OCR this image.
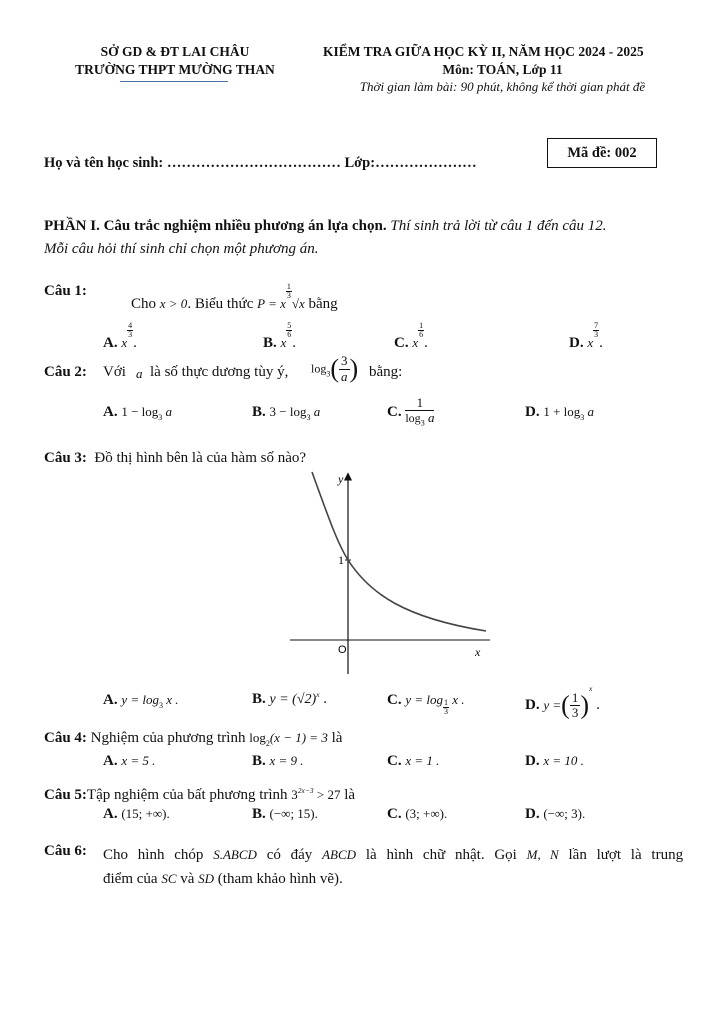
SỞ GD & ĐT LAI CHÂU
TRƯỜNG THPT MƯỜNG THAN
KIỂM TRA GIỮA HỌC KỲ II, NĂM HỌC 2024 - 2025
Môn: TOÁN, Lớp 11
Thời gian làm bài: 90 phút, không kể thời gian phát đề
Mã đề: 002
Họ và tên học sinh: ……………………………… Lớp:…………………
PHẦN I. Câu trắc nghiệm nhiều phương án lựa chọn. Thí sinh trả lời từ câu 1 đến câu 12.
Mỗi câu hỏi thí sinh chỉ chọn một phương án.
Câu 1:
Cho x > 0. Biểu thức P = x
$\frac{1}{3}$
√x bằng
A. x
$\frac{4}{3}$
.	B. x
$\frac{5}{6}$
.	C. x
$\frac{1}{6}$
.	D. x
$\frac{7}{3}$
.
Câu 2: Với a là số thực dương tùy ý, $\log_3( \frac{3}{a}$ ) bằng:
A. $1 - \log_3 a$	B. $3 - \log_3 a$	C. $\frac{1}{\log_3 a}$	D. $1 + \log_3 a$
Câu 3: Đồ thị hình bên là của hàm số nào?
y
x
O
1
A. $y = \log_3 x$ .	B. $y = (√2)^x$ .	C. $y = \log \frac{1}{3}$ x .	D. y =( $\frac{1}{3} )^x$ .
Câu 4: Nghiệm của phương trình $\log_2(x - 1) = 3$ là
A. x = 5 .	B. x = 9 .	C. x = 1 .	D. x = 10 .
Câu 5:Tập nghiệm của bất phương trình $3^{2x-3} > 27$ là
A. (15; +∞).	B. (−∞; 15).	C. (3; +∞).	D. (−∞; 3).
Câu 6: Cho hình chóp S.ABCD có đáy ABCD là hình chữ nhật. Gọi M, N lần lượt là trung
điểm của SC và SD (tham khảo hình vẽ).
